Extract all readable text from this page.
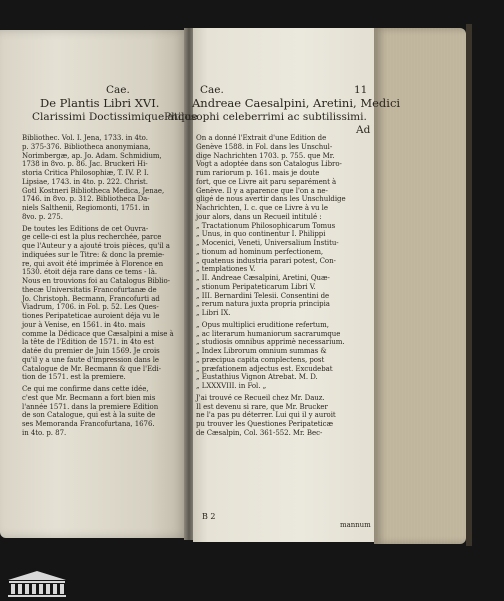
Cae.
De Plantis Libri XVI.
Clarissimi Doctissimique atque
Cae.	11
Andreae Caesalpini, Aretini, Medici
Philosophi celeberrimi ac subtilissimi.
Ad
Bibliothec. Vol. I. Jena, 1733. in 4to.
p. 375-376. Bibliotheca anonymiana,
Norimbergæ, ap. Jo. Adam. Schmidium,
1738 in 8vo. p. 86. Jac. Bruckeri Hi-
storia Critica Philosophiæ, T. IV. P. I.
Lipsiae, 1743. in 4to. p. 222. Christ.
Gotl Kostneri Bibliotheca Medica, Jenae,
1746. in 8vo. p. 312. Bibliotheca Da-
niels Salthenii, Regiomonti, 1751. in
8vo. p. 275.
De toutes les Editions de cet Ouvra-
ge celle-ci est la plus recherchée, parce
que l'Auteur y a ajouté trois pièces, qu'il a
indiquées sur le Titre: & donc la premie-
re, qui avoit été imprimée à Florence en
1530. étoit déja rare dans ce tems - là.
Nous en trouvions foi au Catalogus Biblio-
thecæ Universitatis Francofurtanæ de
Jo. Christoph. Becmann, Francofurti ad
Viadrum, 1706. in Fol. p. 52. Les Ques-
tiones Peripateticae auroient déja vu le
jour à Venise, en 1561. in 4to. mais
comme la Dédicace que Cæsalpini a mise à
la tête de l'Edition de 1571. in 4to est
datée du premier de Juin 1569. Je crois
qu'il y a une faute d'impression dans le
Catalogue de Mr. Becmann & que l'Edi-
tion de 1571. est la premiere.
Ce qui me confirme dans cette idée,
c'est que Mr. Becmann a fort bien mis
l'année 1571. dans la premiere Edition
de son Catalogue, qui est à la suite de
ses Memoranda Francofurtana, 1676.
in 4to. p. 87.
On a donné l'Extrait d'une Edition de
Genève 1588. in Fol. dans les Unschul-
dige Nachrichten 1703. p. 755. que Mr.
Vogt a adoptée dans son Catalogus Libro-
rum rariorum p. 161. mais je doute
fort, que ce Livre ait paru separément à
Genève. Il y a aparence que l'on a ne-
gligé de nous avertir dans les Unschuldige
Nachrichten, I. c. que ce Livre à vu le
jour alors, dans un Recueil intitulé :
„ Tractationum Philosophicarum Tomus
„ Unus, in quo continentur I. Philippi
„ Mocenici, Veneti, Universalium Institu-
„ tionum ad hominum perfectionem,
„ quatenus industria parari potest, Con-
„ templationes V.
„ II. Andreae Cæsalpini, Aretini, Quæ-
„ stionum Peripateticarum Libri V.
„ III. Bernardini Telesii. Consentini de
„ rerum natura juxta propria principia
„ Libri IX.
„ Opus multiplici eruditione refertum,
„ ac literarum humaniorum sacrarumque
„ studiosis omnibus apprimè necessarium.
„ Index Librorum omnium summas &
„ præcipua capita complectens, post
„ præfationem adjectus est. Excudebat
„ Eustathius Vignon Atrebat. M. D.
„ LXXXVIII. in Fol. „
J'ai trouvé ce Recueil chez Mr. Dauz.
Il est devenu si rare, que Mr. Brucker
ne l'a pas pu déterrer. Lui qui il y auroit
pu trouver les Questiones Peripateticæ
de Cæsalpin, Col. 361-552. Mr. Bec-
B 2
mannum
